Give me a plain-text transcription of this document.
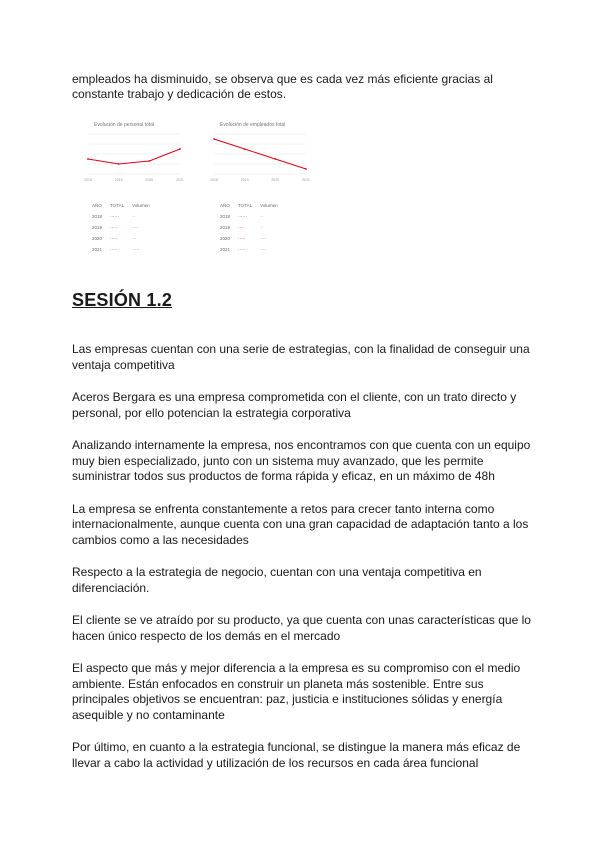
empleados ha disminuido, se observa que es cada vez más eficiente gracias al constante trabajo y dedicación de estos.

Evolución de personal total

2018	2019	2020	2021

Evolución de empleados total

2018	2019	2020	2021
AÑO	TOTAL	Volumen
2018	······	··
2019	·····	····
2020	·····	···
2021	······	·····
AÑO	TOTAL	Volumen
2018	······	··
2019	····	··
2020	·····	····
2021	······	····
SESIÓN 1.2

Las empresas cuentan con una serie de estrategias, con la finalidad de conseguir una ventaja competitiva

Aceros Bergara es una empresa comprometida con el cliente, con un trato directo y personal, por ello potencian la estrategia corporativa

Analizando internamente la empresa, nos encontramos con que cuenta con un equipo muy bien especializado, junto con un sistema muy avanzado, que les permite suministrar todos sus productos de forma rápida y eficaz, en un máximo de 48h

La empresa se enfrenta constantemente a retos para crecer tanto interna como internacionalmente, aunque cuenta con una gran capacidad de adaptación tanto a los cambios como a las necesidades

Respecto a la estrategia de negocio, cuentan con una ventaja competitiva en diferenciación.

El cliente se ve atraído por su producto, ya que cuenta con unas características que lo hacen único respecto de los demás en el mercado

El aspecto que más y mejor diferencia a la empresa es su compromiso con el medio ambiente. Están enfocados en construir un planeta más sostenible. Entre sus principales objetivos se encuentran: paz, justicia e instituciones sólidas y energía asequible y no contaminante

Por último, en cuanto a la estrategia funcional, se distingue la manera más eficaz de llevar a cabo la actividad y utilización de los recursos en cada área funcional
